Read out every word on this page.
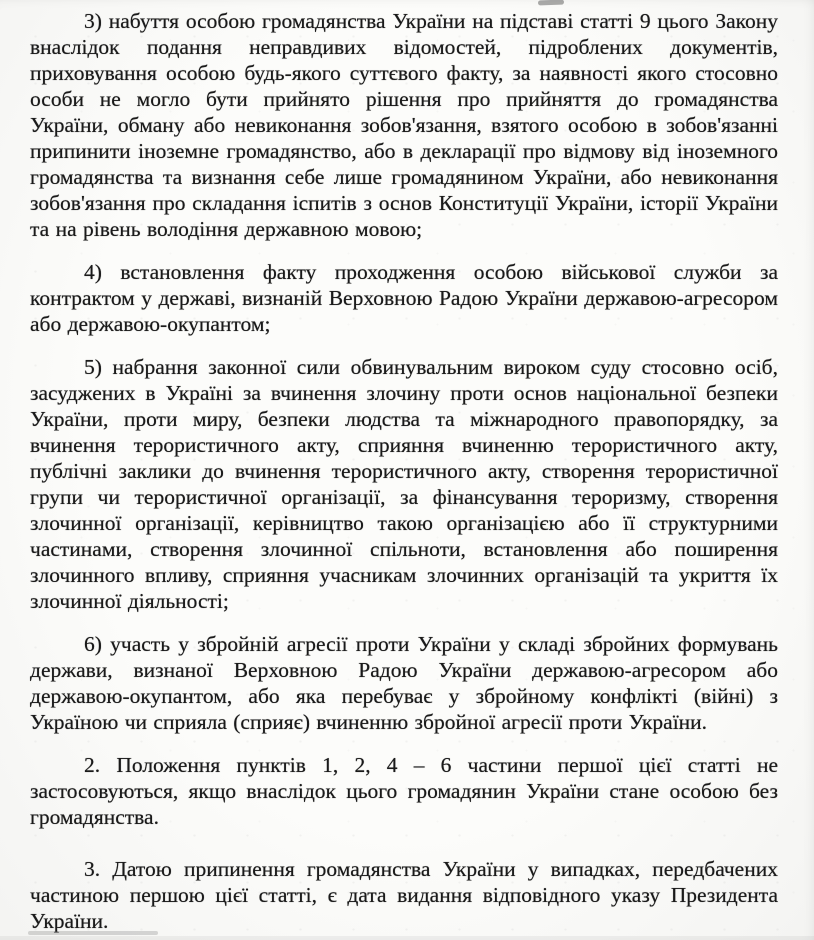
3) набуття особою громадянства України на підставі статті 9 цього Закону внаслідок подання неправдивих відомостей, підроблених документів, приховування особою будь-якого суттєвого факту, за наявності якого стосовно особи не могло бути прийнято рішення про прийняття до громадянства України, обману або невиконання зобов'язання, взятого особою в зобов'язанні припинити іноземне громадянство, або в декларації про відмову від іноземного громадянства та визнання себе лише громадянином України, або невиконання зобов'язання про складання іспитів з основ Конституції України, історії України та на рівень володіння державною мовою;

4) встановлення факту проходження особою військової служби за контрактом у державі, визнаній Верховною Радою України державою-агресором або державою-окупантом;

5) набрання законної сили обвинувальним вироком суду стосовно осіб, засуджених в Україні за вчинення злочину проти основ національної безпеки України, проти миру, безпеки людства та міжнародного правопорядку, за вчинення терористичного акту, сприяння вчиненню терористичного акту, публічні заклики до вчинення терористичного акту, створення терористичної групи чи терористичної організації, за фінансування тероризму, створення злочинної організації, керівництво такою організацією або її структурними частинами, створення злочинної спільноти, встановлення або поширення злочинного впливу, сприяння учасникам злочинних організацій та укриття їх злочинної діяльності;

6) участь у збройній агресії проти України у складі збройних формувань держави, визнаної Верховною Радою України державою-агресором або державою-окупантом, або яка перебуває у збройному конфлікті (війні) з Україною чи сприяла (сприяє) вчиненню збройної агресії проти України.

2. Положення пунктів 1, 2, 4 – 6 частини першої цієї статті не застосовуються, якщо внаслідок цього громадянин України стане особою без громадянства.

3. Датою припинення громадянства України у випадках, передбачених частиною першою цієї статті, є дата видання відповідного указу Президента України.
